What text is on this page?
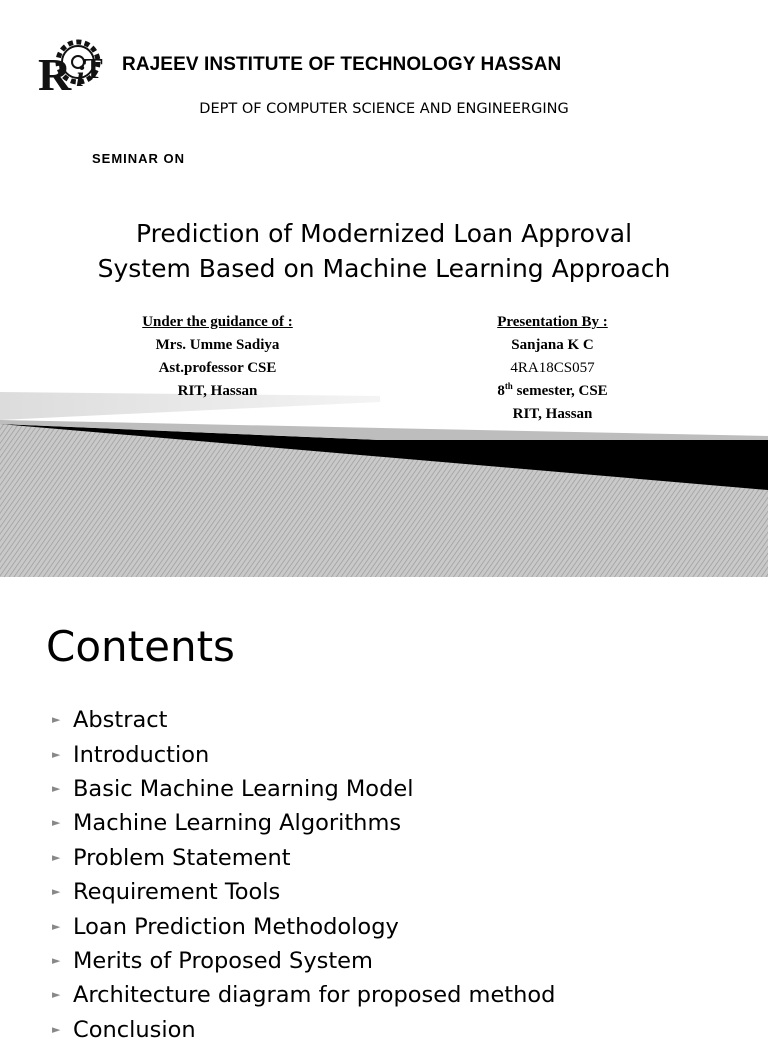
R i T RAJEEV INSTITUTE OF TECHNOLOGY HASSAN
DEPT OF COMPUTER SCIENCE AND ENGINEERGING
SEMINAR ON
Prediction of Modernized Loan Approval
System Based on Machine Learning Approach
Under the guidance of :
Mrs. Umme Sadiya
Ast.professor CSE
RIT, Hassan
Presentation By :
Sanjana K C
4RA18CS057
8th semester, CSE
RIT, Hassan
Contents
► Abstract
► Introduction
► Basic Machine Learning Model
► Machine Learning Algorithms
► Problem Statement
► Requirement Tools
► Loan Prediction Methodology
► Merits of Proposed System
► Architecture diagram for proposed method
► Conclusion
